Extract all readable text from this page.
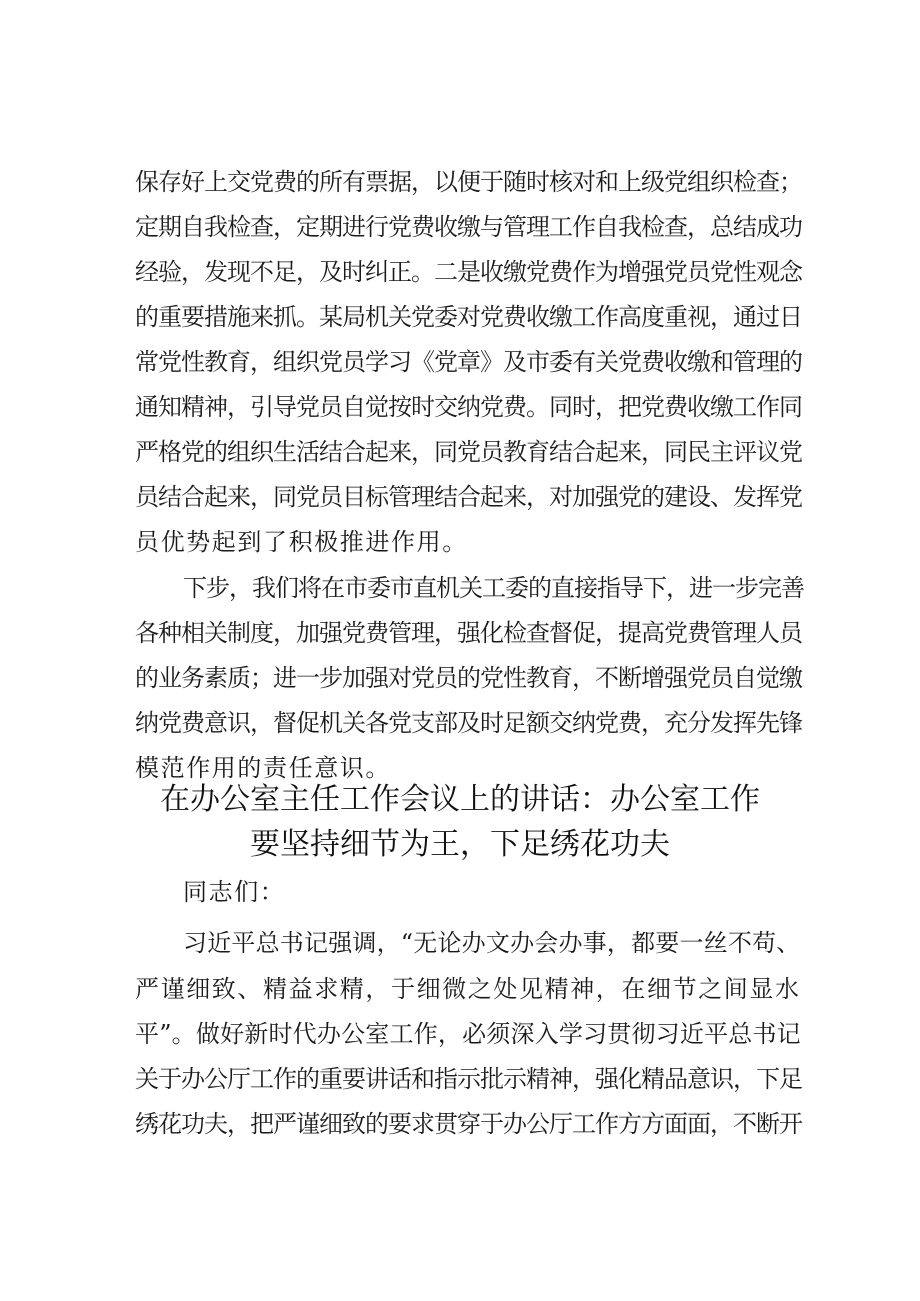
保存好上交党费的所有票据，以便于随时核对和上级党组织检查；
定期自我检查，定期进行党费收缴与管理工作自我检查，总结成功
经验，发现不足，及时纠正。二是收缴党费作为增强党员党性观念
的重要措施来抓。某局机关党委对党费收缴工作高度重视，通过日
常党性教育，组织党员学习《党章》及市委有关党费收缴和管理的
通知精神，引导党员自觉按时交纳党费。同时，把党费收缴工作同
严格党的组织生活结合起来，同党员教育结合起来，同民主评议党
员结合起来，同党员目标管理结合起来，对加强党的建设、发挥党
员优势起到了积极推进作用。
下步，我们将在市委市直机关工委的直接指导下，进一步完善
各种相关制度，加强党费管理，强化检查督促，提高党费管理人员
的业务素质；进一步加强对党员的党性教育，不断增强党员自觉缴
纳党费意识，督促机关各党支部及时足额交纳党费，充分发挥先锋
模范作用的责任意识。
在办公室主任工作会议上的讲话：办公室工作
要坚持细节为王，下足绣花功夫
同志们：
习近平总书记强调，“无论办文办会办事，都要一丝不苟、
严谨细致、精益求精，于细微之处见精神，在细节之间显水
平”。做好新时代办公室工作，必须深入学习贯彻习近平总书记
关于办公厅工作的重要讲话和指示批示精神，强化精品意识，下足
绣花功夫，把严谨细致的要求贯穿于办公厅工作方方面面，不断开
